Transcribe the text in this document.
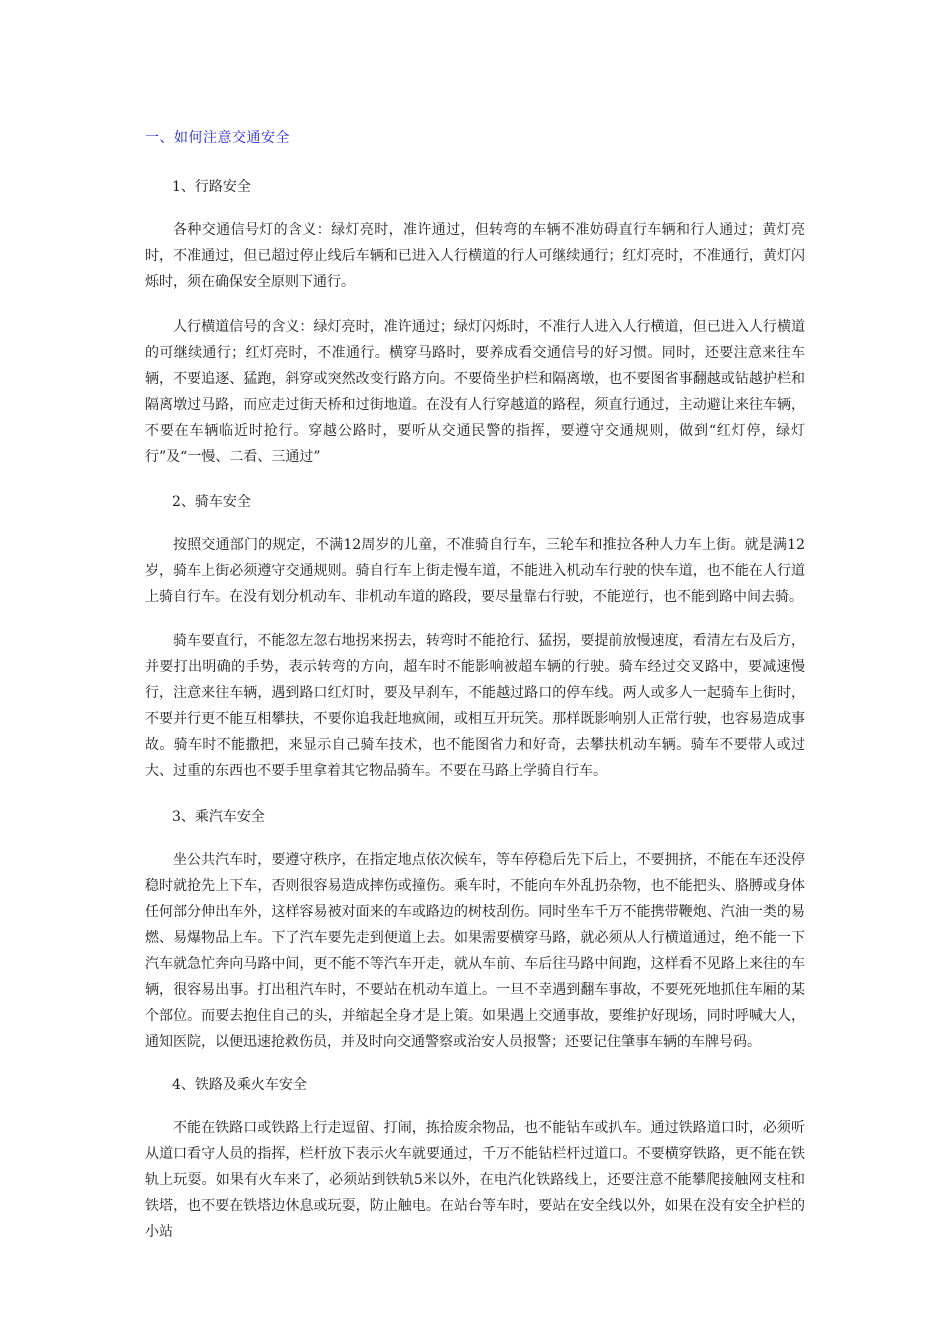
一、如何注意交通安全
1、行路安全

各种交通信号灯的含义：绿灯亮时，准许通过，但转弯的车辆不准妨碍直行车辆和行人通过；黄灯亮时，不准通过，但已超过停止线后车辆和已进入人行横道的行人可继续通行；红灯亮时，不准通行，黄灯闪烁时，须在确保安全原则下通行。

人行横道信号的含义：绿灯亮时，准许通过；绿灯闪烁时，不准行人进入人行横道，但已进入人行横道的可继续通行；红灯亮时，不准通行。横穿马路时，要养成看交通信号的好习惯。同时，还要注意来往车辆，不要追逐、猛跑，斜穿或突然改变行路方向。不要倚坐护栏和隔离墩，也不要图省事翻越或钻越护栏和隔离墩过马路，而应走过街天桥和过街地道。在没有人行穿越道的路程，须直行通过，主动避让来往车辆，不要在车辆临近时抢行。穿越公路时，要听从交通民警的指挥，要遵守交通规则，做到“红灯停，绿灯行”及“一慢、二看、三通过”

2、骑车安全

按照交通部门的规定，不满12周岁的儿童，不准骑自行车，三轮车和推拉各种人力车上街。就是满12岁，骑车上街必须遵守交通规则。骑自行车上街走慢车道，不能进入机动车行驶的快车道，也不能在人行道上骑自行车。在没有划分机动车、非机动车道的路段，要尽量靠右行驶，不能逆行，也不能到路中间去骑。

骑车要直行，不能忽左忽右地拐来拐去，转弯时不能抢行、猛拐，要提前放慢速度，看清左右及后方，并要打出明确的手势，表示转弯的方向，超车时不能影响被超车辆的行驶。骑车经过交叉路中，要减速慢行，注意来往车辆，遇到路口红灯时，要及早刹车，不能越过路口的停车线。两人或多人一起骑车上街时，不要并行更不能互相攀扶，不要你追我赶地疯闹，或相互开玩笑。那样既影响别人正常行驶，也容易造成事故。骑车时不能撒把，来显示自己骑车技术，也不能图省力和好奇，去攀扶机动车辆。骑车不要带人或过大、过重的东西也不要手里拿着其它物品骑车。不要在马路上学骑自行车。

3、乘汽车安全

坐公共汽车时，要遵守秩序，在指定地点依次候车，等车停稳后先下后上，不要拥挤，不能在车还没停稳时就抢先上下车，否则很容易造成摔伤或撞伤。乘车时，不能向车外乱扔杂物，也不能把头、胳膊或身体任何部分伸出车外，这样容易被对面来的车或路边的树枝刮伤。同时坐车千万不能携带鞭炮、汽油一类的易燃、易爆物品上车。下了汽车要先走到便道上去。如果需要横穿马路，就必须从人行横道通过，绝不能一下汽车就急忙奔向马路中间，更不能不等汽车开走，就从车前、车后往马路中间跑，这样看不见路上来往的车辆，很容易出事。打出租汽车时，不要站在机动车道上。一旦不幸遇到翻车事故，不要死死地抓住车厢的某个部位。而要去抱住自己的头，并缩起全身才是上策。如果遇上交通事故，要维护好现场，同时呼喊大人，通知医院，以便迅速抢救伤员，并及时向交通警察或治安人员报警；还要记住肇事车辆的车牌号码。

4、铁路及乘火车安全

不能在铁路口或铁路上行走逗留、打闹，拣拾废余物品，也不能钻车或扒车。通过铁路道口时，必须听从道口看守人员的指挥，栏杆放下表示火车就要通过，千万不能钻栏杆过道口。不要横穿铁路，更不能在铁轨上玩耍。如果有火车来了，必须站到铁轨5米以外，在电汽化铁路线上，还要注意不能攀爬接触网支柱和铁塔，也不要在铁塔边休息或玩耍，防止触电。在站台等车时，要站在安全线以外，如果在没有安全护栏的小站
